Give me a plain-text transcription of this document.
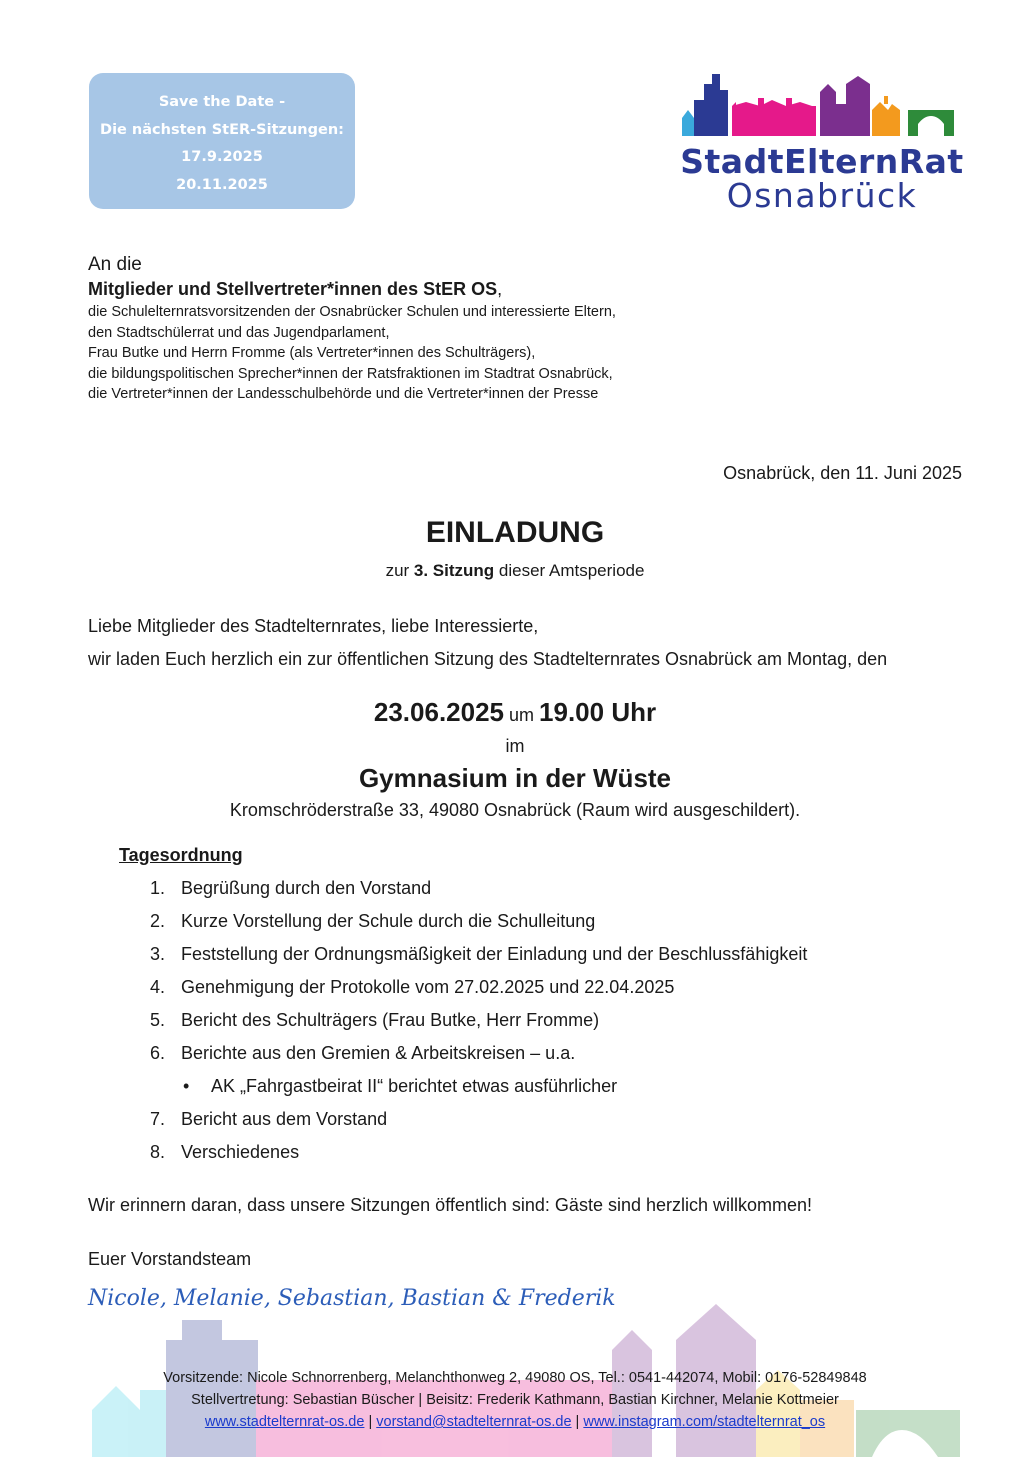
Save the Date -
Die nächsten StER-Sitzungen:
17.9.2025
20.11.2025
StadtElternRat
Osnabrück
An die
Mitglieder und Stellvertreter*innen des StER OS,
die Schulelternratsvorsitzenden der Osnabrücker Schulen und interessierte Eltern,
den Stadtschülerrat und das Jugendparlament,
Frau Butke und Herrn Fromme (als Vertreter*innen des Schulträgers),
die bildungspolitischen Sprecher*innen der Ratsfraktionen im Stadtrat Osnabrück,
die Vertreter*innen der Landesschulbehörde und die Vertreter*innen der Presse
Osnabrück, den 11. Juni 2025
EINLADUNG
zur 3. Sitzung dieser Amtsperiode
Liebe Mitglieder des Stadtelternrates, liebe Interessierte,
wir laden Euch herzlich ein zur öffentlichen Sitzung des Stadtelternrates Osnabrück am Montag, den
23.06.2025 um 19.00 Uhr
im
Gymnasium in der Wüste
Kromschröderstraße 33, 49080 Osnabrück (Raum wird ausgeschildert).
Tagesordnung
1. Begrüßung durch den Vorstand
2. Kurze Vorstellung der Schule durch die Schulleitung
3. Feststellung der Ordnungsmäßigkeit der Einladung und der Beschlussfähigkeit
4. Genehmigung der Protokolle vom 27.02.2025 und 22.04.2025
5. Bericht des Schulträgers (Frau Butke, Herr Fromme)
6. Berichte aus den Gremien & Arbeitskreisen – u.a.
• AK „Fahrgastbeirat II“ berichtet etwas ausführlicher
7. Bericht aus dem Vorstand
8. Verschiedenes
Wir erinnern daran, dass unsere Sitzungen öffentlich sind: Gäste sind herzlich willkommen!
Euer Vorstandsteam
Nicole, Melanie, Sebastian, Bastian & Frederik
Vorsitzende: Nicole Schnorrenberg, Melanchthonweg 2, 49080 OS, Tel.: 0541-442074, Mobil: 0176-52849848
Stellvertretung: Sebastian Büscher | Beisitz: Frederik Kathmann, Bastian Kirchner, Melanie Kottmeier
www.stadtelternrat-os.de | vorstand@stadtelternrat-os.de | www.instagram.com/stadtelternrat_os
